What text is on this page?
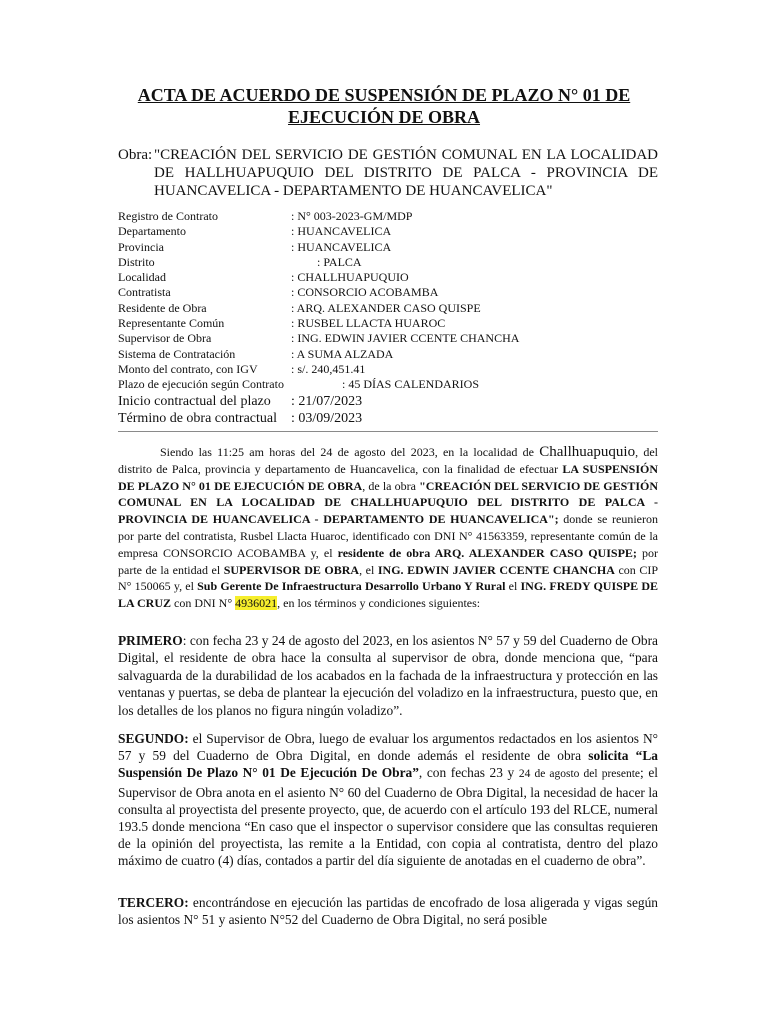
ACTA DE ACUERDO DE SUSPENSIÓN DE PLAZO N° 01 DE EJECUCIÓN DE OBRA
Obra: "CREACIÓN DEL SERVICIO DE GESTIÓN COMUNAL EN LA LOCALIDAD DE HALLHUAPUQUIO DEL DISTRITO DE PALCA - PROVINCIA DE HUANCAVELICA - DEPARTAMENTO DE HUANCAVELICA"

Registro de Contrato	: N° 003-2023-GM/MDP

Departamento	: HUANCAVELICA

Provincia	: HUANCAVELICA

Distrito	: PALCA

Localidad	: CHALLHUAPUQUIO

Contratista	: CONSORCIO ACOBAMBA

Residente de Obra	: ARQ. ALEXANDER CASO QUISPE

Representante Común	: RUSBEL LLACTA HUAROC

Supervisor de Obra	: ING. EDWIN JAVIER CCENTE CHANCHA

Sistema de Contratación	: A SUMA ALZADA

Monto del contrato, con IGV	: s/. 240,451.41

Plazo de ejecución según Contrato	: 45 DÍAS CALENDARIOS

Inicio contractual del plazo : 21/07/2023

Término de obra contractual : 03/09/2023

Siendo las 11:25 am horas del 24 de agosto del 2023, en la localidad de Challhuapuquio, del distrito de Palca, provincia y departamento de Huancavelica, con la finalidad de efectuar LA SUSPENSIÓN DE PLAZO N° 01 DE EJECUCIÓN DE OBRA, de la obra "CREACIÓN DEL SERVICIO DE GESTIÓN COMUNAL EN LA LOCALIDAD DE CHALLHUAPUQUIO DEL DISTRITO DE PALCA - PROVINCIA DE HUANCAVELICA - DEPARTAMENTO DE HUANCAVELICA"; donde se reunieron por parte del contratista, Rusbel Llacta Huaroc, identificado con DNI N° 41563359, representante común de la empresa CONSORCIO ACOBAMBA y, el residente de obra ARQ. ALEXANDER CASO QUISPE; por parte de la entidad el SUPERVISOR DE OBRA, el ING. EDWIN JAVIER CCENTE CHANCHA con CIP N° 150065 y, el Sub Gerente De Infraestructura Desarrollo Urbano Y Rural el ING. FREDY QUISPE DE LA CRUZ con DNI N° 4936021, en los términos y condiciones siguientes:

PRIMERO: con fecha 23 y 24 de agosto del 2023, en los asientos N° 57 y 59 del Cuaderno de Obra Digital, el residente de obra hace la consulta al supervisor de obra, donde menciona que, “para salvaguarda de la durabilidad de los acabados en la fachada de la infraestructura y protección en las ventanas y puertas, se deba de plantear la ejecución del voladizo en la infraestructura, puesto que, en los detalles de los planos no figura ningún voladizo”.

SEGUNDO: el Supervisor de Obra, luego de evaluar los argumentos redactados en los asientos N° 57 y 59 del Cuaderno de Obra Digital, en donde además el residente de obra solicita “La Suspensión De Plazo N° 01 De Ejecución De Obra”, con fechas 23 y 24 de agosto del presente; el Supervisor de Obra anota en el asiento N° 60 del Cuaderno de Obra Digital, la necesidad de hacer la consulta al proyectista del presente proyecto, que, de acuerdo con el artículo 193 del RLCE, numeral 193.5 donde menciona “En caso que el inspector o supervisor considere que las consultas requieren de la opinión del proyectista, las remite a la Entidad, con copia al contratista, dentro del plazo máximo de cuatro (4) días, contados a partir del día siguiente de anotadas en el cuaderno de obra”.

TERCERO: encontrándose en ejecución las partidas de encofrado de losa aligerada y vigas según los asientos N° 51 y asiento N°52 del Cuaderno de Obra Digital, no será posible
